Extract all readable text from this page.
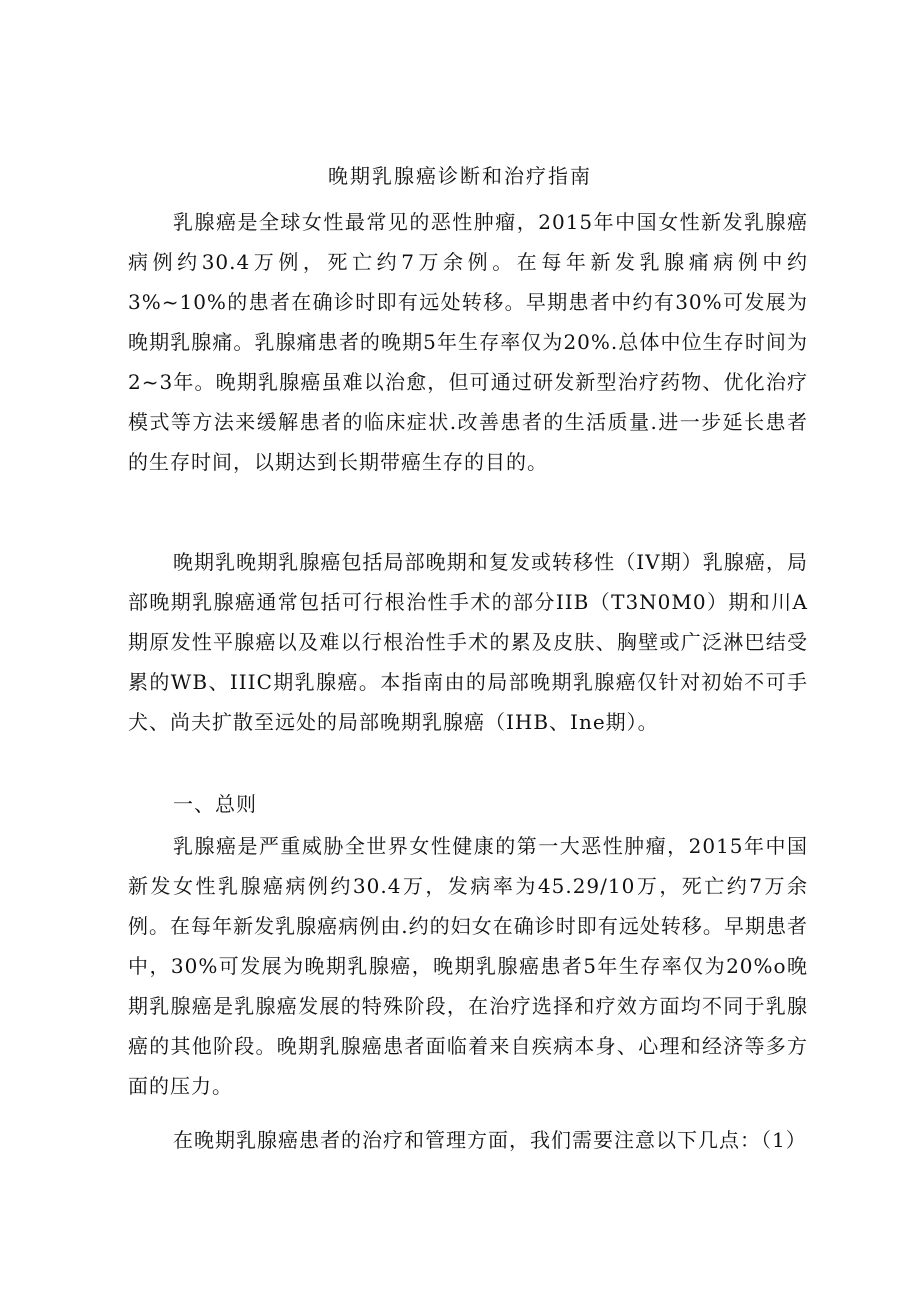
晚期乳腺癌诊断和治疗指南

乳腺癌是全球女性最常见的恶性肿瘤，2015年中国女性新发乳腺癌病例约30.4万例，死亡约7万余例。在每年新发乳腺痛病例中约3%~10%的患者在确诊时即有远处转移。早期患者中约有30%可发展为晚期乳腺痛。乳腺痛患者的晚期5年生存率仅为20%.总体中位生存时间为2~3年。晚期乳腺癌虽难以治愈，但可通过研发新型治疗药物、优化治疗模式等方法来缓解患者的临床症状.改善患者的生活质量.进一步延长患者的生存时间，以期达到长期带癌生存的目的。

晚期乳晚期乳腺癌包括局部晚期和复发或转移性（IV期）乳腺癌，局部晚期乳腺癌通常包括可行根治性手术的部分IIB（T3N0M0）期和川A期原发性平腺癌以及难以行根治性手术的累及皮肤、胸壁或广泛淋巴结受累的WB、IIIC期乳腺癌。本指南由的局部晚期乳腺癌仅针对初始不可手犬、尚夫扩散至远处的局部晚期乳腺癌（IHB、Ine期）。

一、总则

乳腺癌是严重威胁全世界女性健康的第一大恶性肿瘤，2015年中国新发女性乳腺癌病例约30.4万，发病率为45.29/10万，死亡约7万余例。在每年新发乳腺癌病例由.约的妇女在确诊时即有远处转移。早期患者中，30%可发展为晚期乳腺癌，晚期乳腺癌患者5年生存率仅为20%o晚期乳腺癌是乳腺癌发展的特殊阶段，在治疗选择和疗效方面均不同于乳腺癌的其他阶段。晚期乳腺癌患者面临着来自疾病本身、心理和经济等多方面的压力。

在晚期乳腺癌患者的治疗和管理方面，我们需要注意以下几点：（1）
